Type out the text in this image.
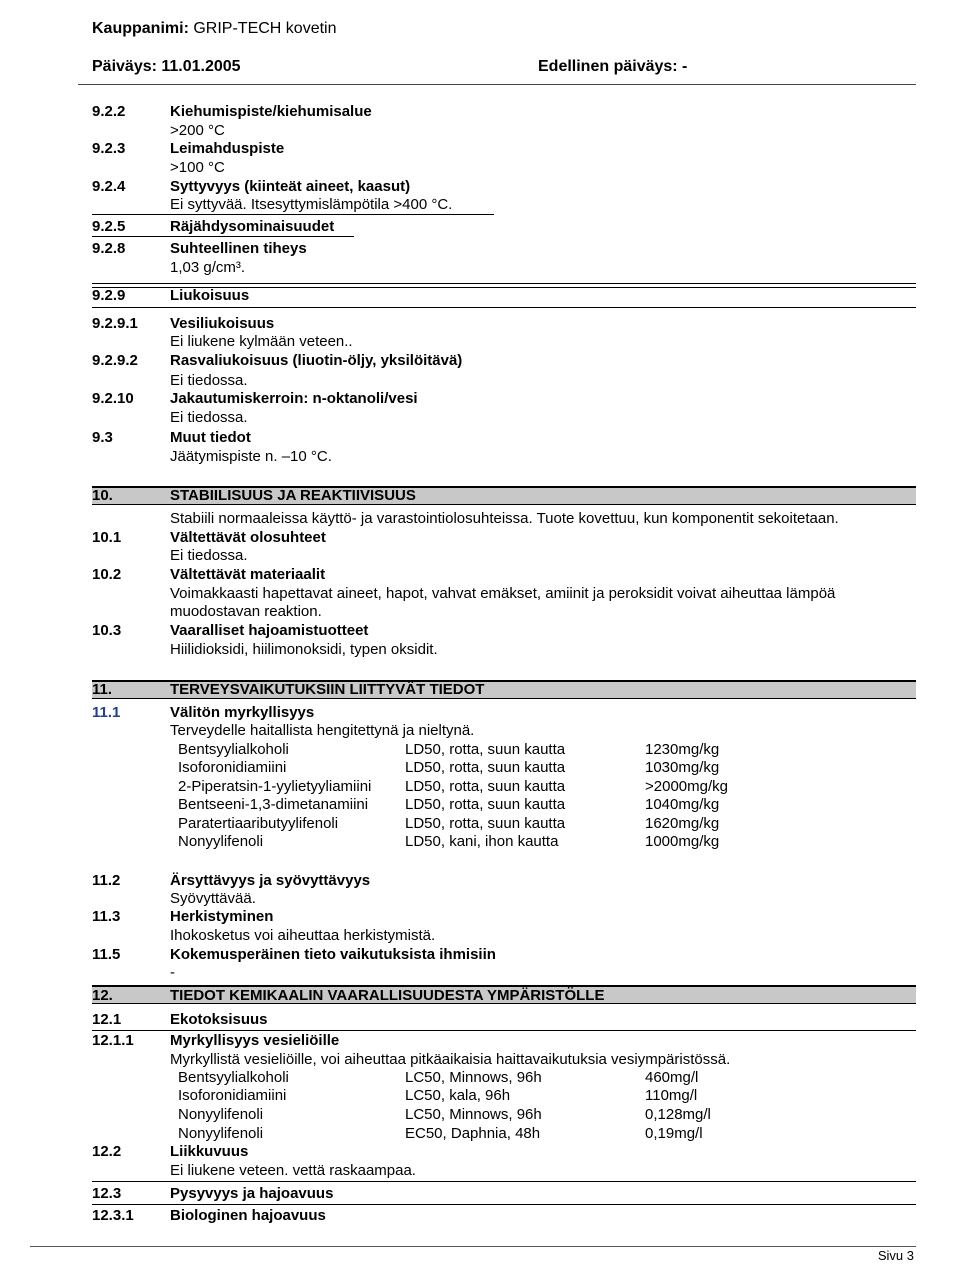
Kauppanimi: GRIP-TECH kovetin
Päiväys: 11.01.2005	Edellinen päiväys: -
9.2.2	Kiehumispiste/kiehumisalue
>200 °C
9.2.3	Leimahduspiste
>100 °C
9.2.4	Syttyvyys (kiinteät aineet, kaasut)
Ei syttyvää. Itsesyttymislämpötila >400 °C.
9.2.5	Räjähdysominaisuudet
9.2.8	Suhteellinen tiheys
1,03 g/cm³.
9.2.9	Liukoisuus
9.2.9.1 Vesiliukoisuus
Ei liukene kylmään veteen..
9.2.9.2 Rasvaliukoisuus (liuotin-öljy, yksilöitävä)
Ei tiedossa.
9.2.10 Jakautumiskerroin: n-oktanoli/vesi
Ei tiedossa.
9.3	Muut tiedot
Jäätymispiste n. –10 °C.
10.	STABIILISUUS JA REAKTIIVISUUS
Stabiili normaaleissa käyttö- ja varastointiolosuhteissa. Tuote kovettuu, kun komponentit sekoitetaan.
10.1	Vältettävät olosuhteet
Ei tiedossa.
10.2	Vältettävät materiaalit
Voimakkaasti hapettavat aineet, hapot, vahvat emäkset, amiinit ja peroksidit voivat aiheuttaa lämpöä
muodostavan reaktion.
10.3	Vaaralliset hajoamistuotteet
Hiilidioksidi, hiilimonoksidi, typen oksidit.
11.	TERVEYSVAIKUTUKSIIN LIITTYVÄT TIEDOT
11.1	Välitön myrkyllisyys
Terveydelle haitallista hengitettynä ja nieltynä.
Bentsyylialkoholi	LD50, rotta, suun kautta	1230mg/kg
Isoforonidiamiini	LD50, rotta, suun kautta	1030mg/kg
2-Piperatsin-1-yylietyyliamiini LD50, rotta, suun kautta	>2000mg/kg
Bentseeni-1,3-dimetanamiini LD50, rotta, suun kautta	1040mg/kg
Paratertiaaributyylifenoli	LD50, rotta, suun kautta	1620mg/kg
Nonyylifenoli	LD50, kani, ihon kautta	1000mg/kg
11.2	Ärsyttävyys ja syövyttävyys
Syövyttävää.
11.3	Herkistyminen
Ihokosketus voi aiheuttaa herkistymistä.
11.5	Kokemusperäinen tieto vaikutuksista ihmisiin
-
12.	TIEDOT KEMIKAALIN VAARALLISUUDESTA YMPÄRISTÖLLE
12.1	Ekotoksisuus
12.1.1 Myrkyllisyys vesieliöille
Myrkyllistä vesieliöille, voi aiheuttaa pitkäaikaisia haittavaikutuksia vesiympäristössä.
Bentsyylialkoholi	LC50, Minnows, 96h	460mg/l
Isoforonidiamiini	LC50, kala, 96h	110mg/l
Nonyylifenoli	LC50, Minnows, 96h	0,128mg/l
Nonyylifenoli	EC50, Daphnia, 48h	0,19mg/l
12.2	Liikkuvuus
Ei liukene veteen. vettä raskaampaa.
12.3	Pysyvyys ja hajoavuus
12.3.1 Biologinen hajoavuus
Sivu 3
